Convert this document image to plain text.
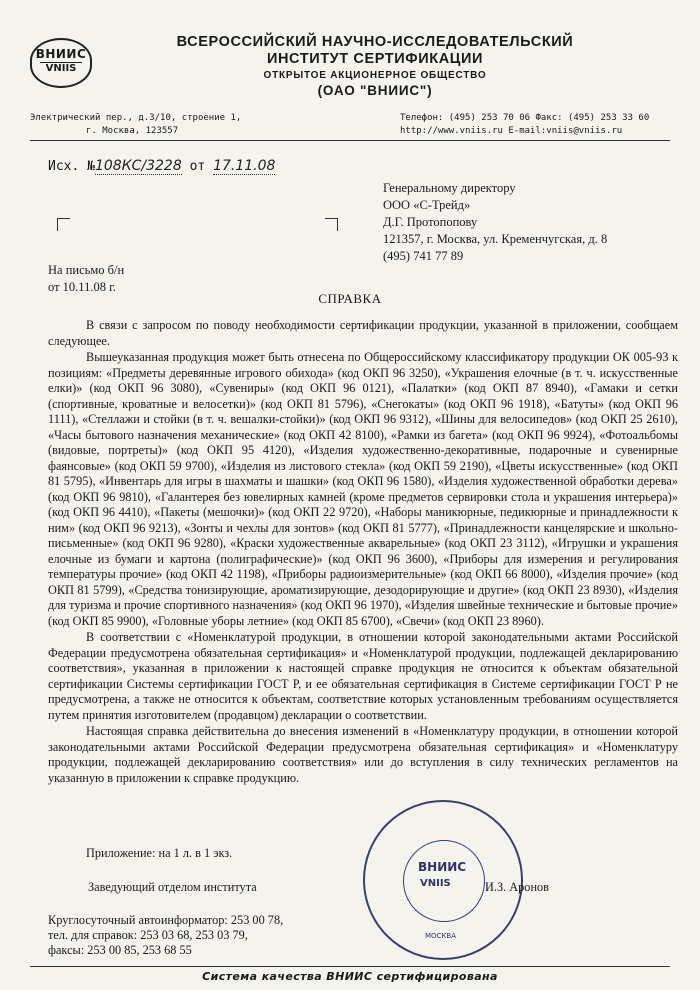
ВНИИС
VNIIS
ВСЕРОССИЙСКИЙ НАУЧНО-ИССЛЕДОВАТЕЛЬСКИЙ
ИНСТИТУТ СЕРТИФИКАЦИИ
ОТКРЫТОЕ АКЦИОНЕРНОЕ ОБЩЕСТВО
(ОАО "ВНИИС")
Электрический пер., д.3/10, строение 1,
г. Москва, 123557
Телефон: (495) 253 70 06 Факс: (495) 253 33 60
http://www.vniis.ru E-mail:vniis@vniis.ru
Исх. №108КС/3228 от 17.11.08
Генеральному директору
ООО «С-Трейд»
Д.Г. Протопопову
121357, г. Москва, ул. Кременчугская, д. 8
(495) 741 77 89
На письмо б/н
от 10.11.08 г.
СПРАВКА

В связи с запросом по поводу необходимости сертификации продукции, указанной в приложении, сообщаем следующее.

Вышеуказанная продукция может быть отнесена по Общероссийскому классификатору продукции ОК 005-93 к позициям: «Предметы деревянные игрового обихода» (код ОКП 96 3250), «Украшения елочные (в т. ч. искусственные елки)» (код ОКП 96 3080), «Сувениры» (код ОКП 96 0121), «Палатки» (код ОКП 87 8940), «Гамаки и сетки (спортивные, кроватные и велосетки)» (код ОКП 81 5796), «Снегокаты» (код ОКП 96 1918), «Батуты» (код ОКП 96 1111), «Стеллажи и стойки (в т. ч. вешалки-стойки)» (код ОКП 96 9312), «Шины для велосипедов» (код ОКП 25 2610), «Часы бытового назначения механические» (код ОКП 42 8100), «Рамки из багета» (код ОКП 96 9924), «Фотоальбомы (видовые, портреты)» (код ОКП 95 4120), «Изделия художественно-декоративные, подарочные и сувенирные фаянсовые» (код ОКП 59 9700), «Изделия из листового стекла» (код ОКП 59 2190), «Цветы искусственные» (код ОКП 81 5795), «Инвентарь для игры в шахматы и шашки» (код ОКП 96 1580), «Изделия художественной обработки дерева» (код ОКП 96 9810), «Галантерея без ювелирных камней (кроме предметов сервировки стола и украшения интерьера)» (код ОКП 96 4410), «Пакеты (мешочки)» (код ОКП 22 9720), «Наборы маникюрные, педикюрные и принадлежности к ним» (код ОКП 96 9213), «Зонты и чехлы для зонтов» (код ОКП 81 5777), «Принадлежности канцелярские и школьно-письменные» (код ОКП 96 9280), «Краски художественные акварельные» (код ОКП 23 3112), «Игрушки и украшения елочные из бумаги и картона (полиграфические)» (код ОКП 96 3600), «Приборы для измерения и регулирования температуры прочие» (код ОКП 42 1198), «Приборы радиоизмерительные» (код ОКП 66 8000), «Изделия прочие» (код ОКП 81 5799), «Средства тонизирующие, ароматизирующие, дезодорирующие и другие» (код ОКП 23 8930), «Изделия для туризма и прочие спортивного назначения» (код ОКП 96 1970), «Изделия швейные технические и бытовые прочие» (код ОКП 85 9900), «Головные уборы летние» (код ОКП 85 6700), «Свечи» (код ОКП 23 8960).

В соответствии с «Номенклатурой продукции, в отношении которой законодательными актами Российской Федерации предусмотрена обязательная сертификация» и «Номенклатурой продукции, подлежащей декларированию соответствия», указанная в приложении к настоящей справке продукция не относится к объектам обязательной сертификации Системы сертификации ГОСТ Р, и ее обязательная сертификация в Системе сертификации ГОСТ Р не предусмотрена, а также не относится к объектам, соответствие которых установленным требованиям осуществляется путем принятия изготовителем (продавцом) декларации о соответствии.

Настоящая справка действительна до внесения изменений в «Номенклатуру продукции, в отношении которой законодательными актами Российской Федерации предусмотрена обязательная сертификация» и «Номенклатуру продукции, подлежащей декларированию соответствия» или до вступления в силу технических регламентов на указанную в приложении к справке продукцию.

Приложение: на 1 л. в 1 экз.
ВНИИС
VNIIS
МОСКВА
Заведующий отделом института	И.З. Аронов
Круглосуточный автоинформатор: 253 00 78,
тел. для справок: 253 03 68, 253 03 79,
факсы: 253 00 85, 253 68 55
Система качества ВНИИС сертифицирована
